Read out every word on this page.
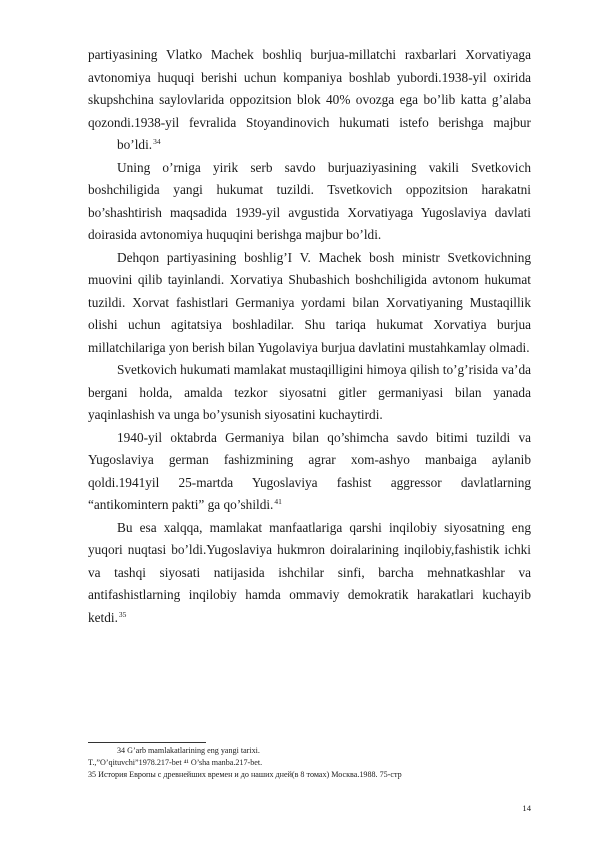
partiyasining Vlatko Machek boshliq burjua-millatchi raxbarlari Xorvatiyaga avtonomiya huquqi berishi uchun kompaniya boshlab yubordi.1938-yil oxirida skupshchina saylovlarida oppozitsion blok 40% ovozga ega bo’lib katta g’alaba qozondi.1938-yil fevralida Stoyandinovich hukumati istefo berishga majbur

bo’ldi.$^{34}$

Uning o’rniga yirik serb savdo burjuaziyasining vakili Svetkovich boshchiligida yangi hukumat tuzildi. Tsvetkovich oppozitsion harakatni bo’shashtirish maqsadida 1939-yil avgustida Xorvatiyaga Yugoslaviya davlati doirasida avtonomiya huquqini berishga majbur bo’ldi.

Dehqon partiyasining boshlig’I V. Machek bosh ministr Svetkovichning muovini qilib tayinlandi. Xorvatiya Shubashich boshchiligida avtonom hukumat tuzildi. Xorvat fashistlari Germaniya yordami bilan Xorvatiyaning Mustaqillik olishi uchun agitatsiya boshladilar. Shu tariqa hukumat Xorvatiya burjua millatchilariga yon berish bilan Yugolaviya burjua davlatini mustahkamlay olmadi.

Svetkovich hukumati mamlakat mustaqilligini himoya qilish to’g’risida va’da bergani holda, amalda tezkor siyosatni gitler germaniyasi bilan yanada yaqinlashish va unga bo’ysunish siyosatini kuchaytirdi.

1940-yil oktabrda Germaniya bilan qo’shimcha savdo bitimi tuzildi va Yugoslaviya german fashizmining agrar xom-ashyo manbaiga aylanib qoldi.1941yil 25-martda Yugoslaviya fashist aggressor davlatlarning “antikomintern pakti” ga qo’shildi.$^{41}$

Bu esa xalqqa, mamlakat manfaatlariga qarshi inqilobiy siyosatning eng yuqori nuqtasi bo’ldi.Yugoslaviya hukmron doiralarining inqilobiy,fashistik ichki va tashqi siyosati natijasida ishchilar sinfi, barcha mehnatkashlar va antifashistlarning inqilobiy hamda ommaviy demokratik harakatlari kuchayib ketdi.$^{35}$

34 G’arb mamlakatlarining eng yangi tarixi.
T.,”O’qituvchi”1978.217-bet ⁴¹ O’sha manba.217-bet.
35 История Европы с древнейших времен и до наших дней(в 8 томах) Москва.1988. 75-стр
14
